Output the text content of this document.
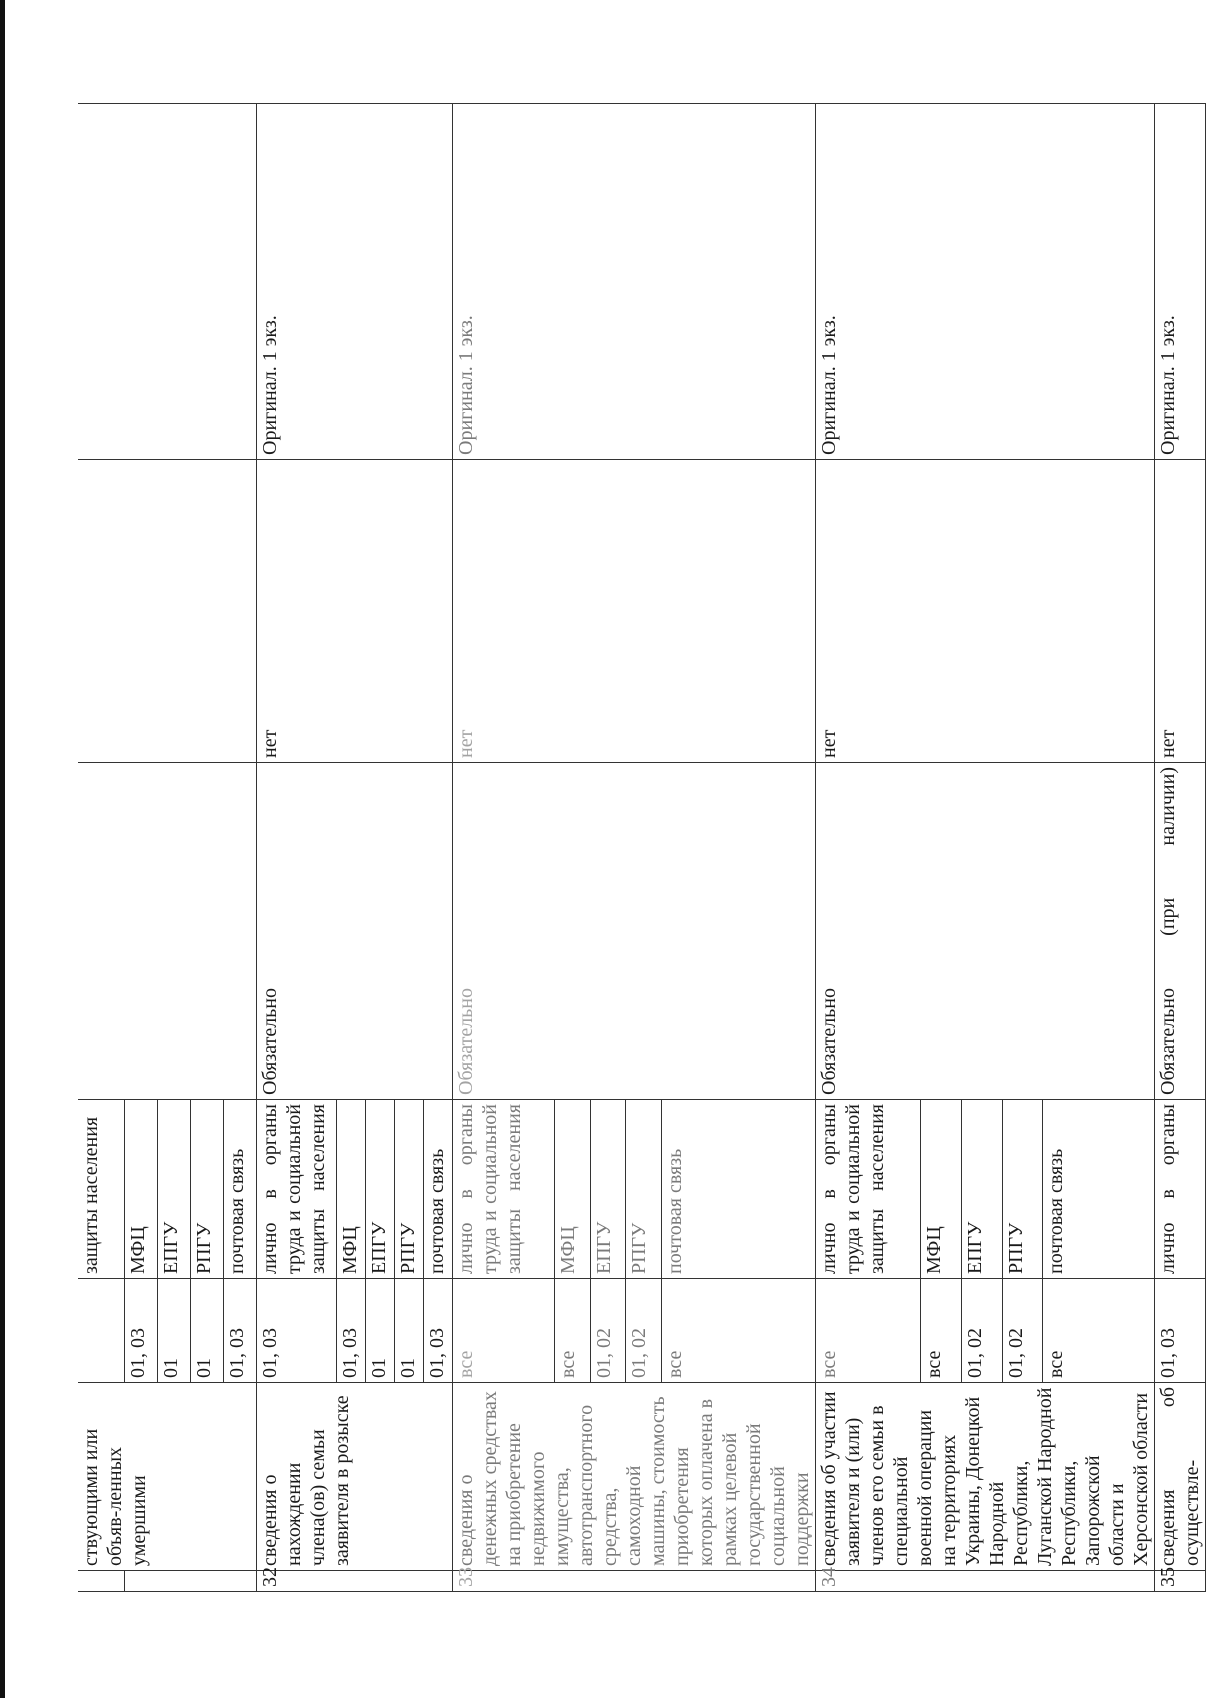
	ствующими или объяв-ленных умершими		защиты населения			
		01, 03	МФЦ			
		01	ЕПГУ			
		01	РПГУ			
		01, 03	почтовая связь			
32	сведения о нахождении члена(ов) семьи заявителя в розыске	01, 03	лично в органы труда и социальной защиты населения	Обязательно	нет	Оригинал. 1 экз.
		01, 03	МФЦ			
		01	ЕПГУ			
		01	РПГУ			
		01, 03	почтовая связь			
33	сведения о денежных средствах на приобретение недвижимого имущества, автотранспортного средства, самоходной машины, стоимость приобретения которых оплачена в рамках целевой государственной социальной поддержки	все	лично в органы труда и социальной защиты населения	Обязательно	нет	Оригинал. 1 экз.
		все	МФЦ			
		01, 02	ЕПГУ			
		01, 02	РПГУ			
		все	почтовая связь			
34	сведения об участии заявителя и (или) членов его семьи в специальной военной операции на территориях Украины, Донецкой Народной Республики, Луганской Народной Республики, Запорожской области и Херсонской области	все	лично в органы труда и социальной защиты населения	Обязательно	нет	Оригинал. 1 экз.
		все	МФЦ			
		01, 02	ЕПГУ			
		01, 02	РПГУ			
		все	почтовая связь			
35	сведения об осуществле-	01, 03	лично в органы	Обязательно (при наличии)	нет	Оригинал. 1 экз.
